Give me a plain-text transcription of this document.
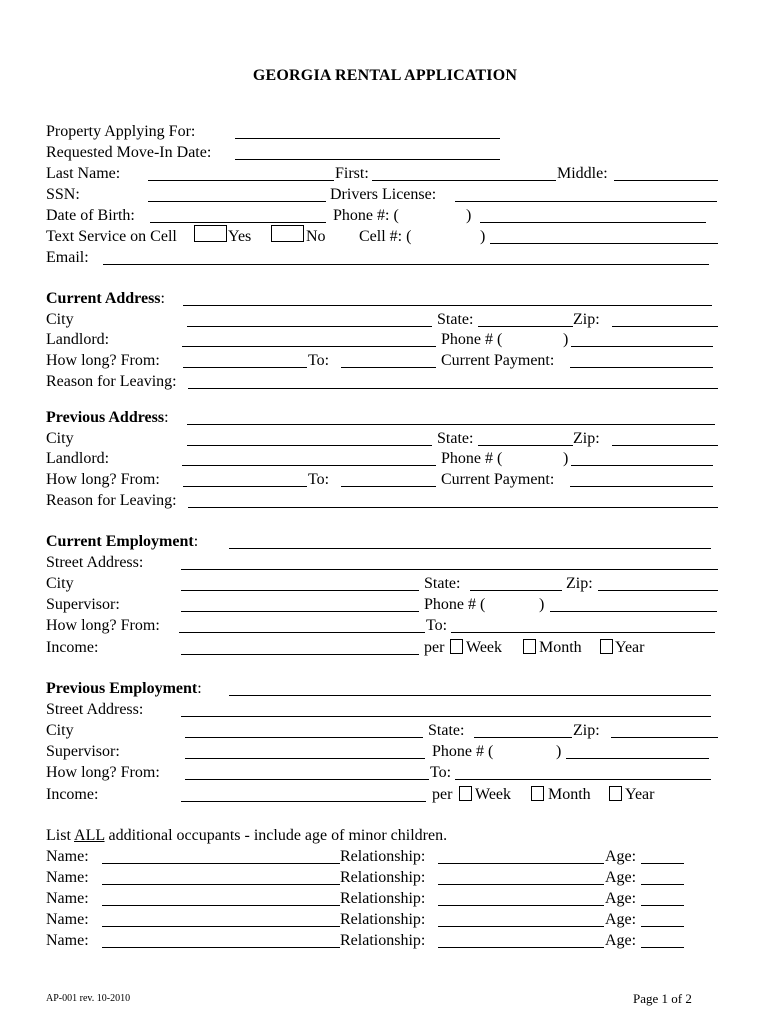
GEORGIA RENTAL APPLICATION
Property Applying For:
Requested Move-In Date:
Last Name:	First:	Middle:
SSN:	Drivers License:
Date of Birth:	Phone #: (	)
Text Service on Cell	Yes	No Cell #: (	)
Email:
Current Address:
City	State:	Zip:
Landlord:	Phone # (	)
How long? From:	To:	Current Payment:
Reason for Leaving:
Previous Address:
City	State:	Zip:
Landlord:	Phone # (	)
How long? From:	To:	Current Payment:
Reason for Leaving:
Current Employment:
Street Address:
City	State:	Zip:
Supervisor:	Phone # (	)
How long? From:	To:
Income:	per Week Month Year
Previous Employment:
Street Address:
City	State:	Zip:
Supervisor:	Phone # (	)
How long? From:	To:
Income:	per Week Month Year
List ALL additional occupants - include age of minor children.
Name:	Relationship:	Age:
Name:	Relationship:	Age:
Name:	Relationship:	Age:
Name:	Relationship:	Age:
Name:	Relationship:	Age:
AP-001 rev. 10-2010	Page 1 of 2
